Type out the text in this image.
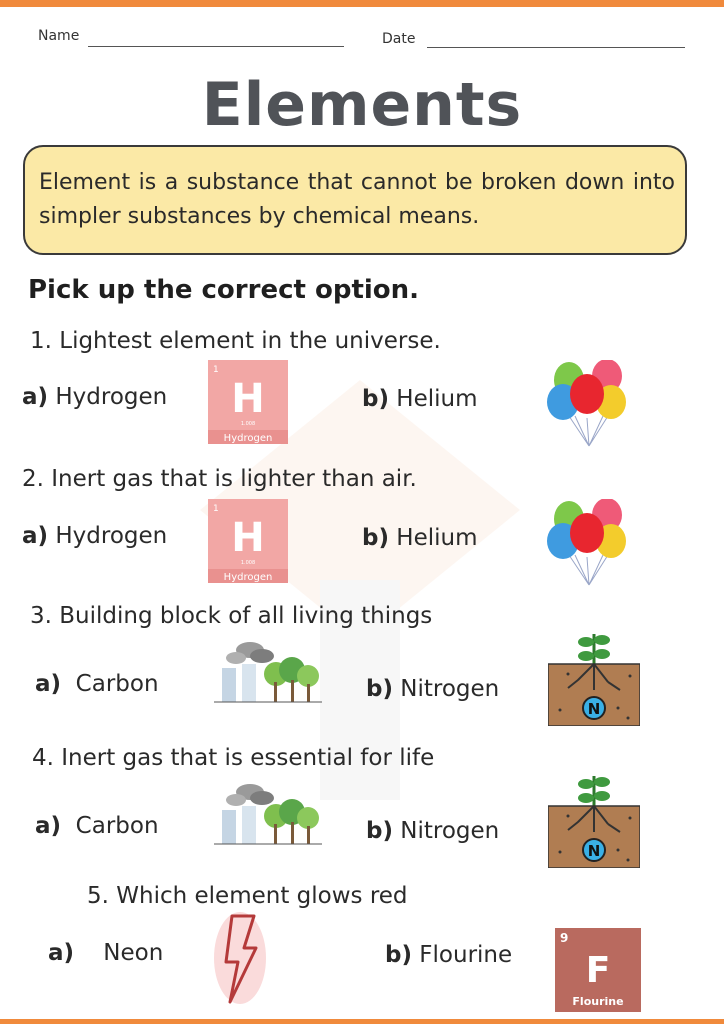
Name	Date
Elements
Element is a substance that cannot be broken down into simpler substances by chemical means.
Pick up the correct option.
1. Lightest element in the universe.
a) Hydrogen
1
H
1.008
Hydrogen
b) Helium
2. Inert gas that is lighter than air.
a) Hydrogen
1
H
1.008
Hydrogen
b) Helium
3. Building block of all living things
a) Carbon	b) Nitrogen
N
4. Inert gas that is essential for life
a) Carbon	b) Nitrogen
N
5. Which element glows red
a) Neon	b) Flourine
9
F
Flourine
